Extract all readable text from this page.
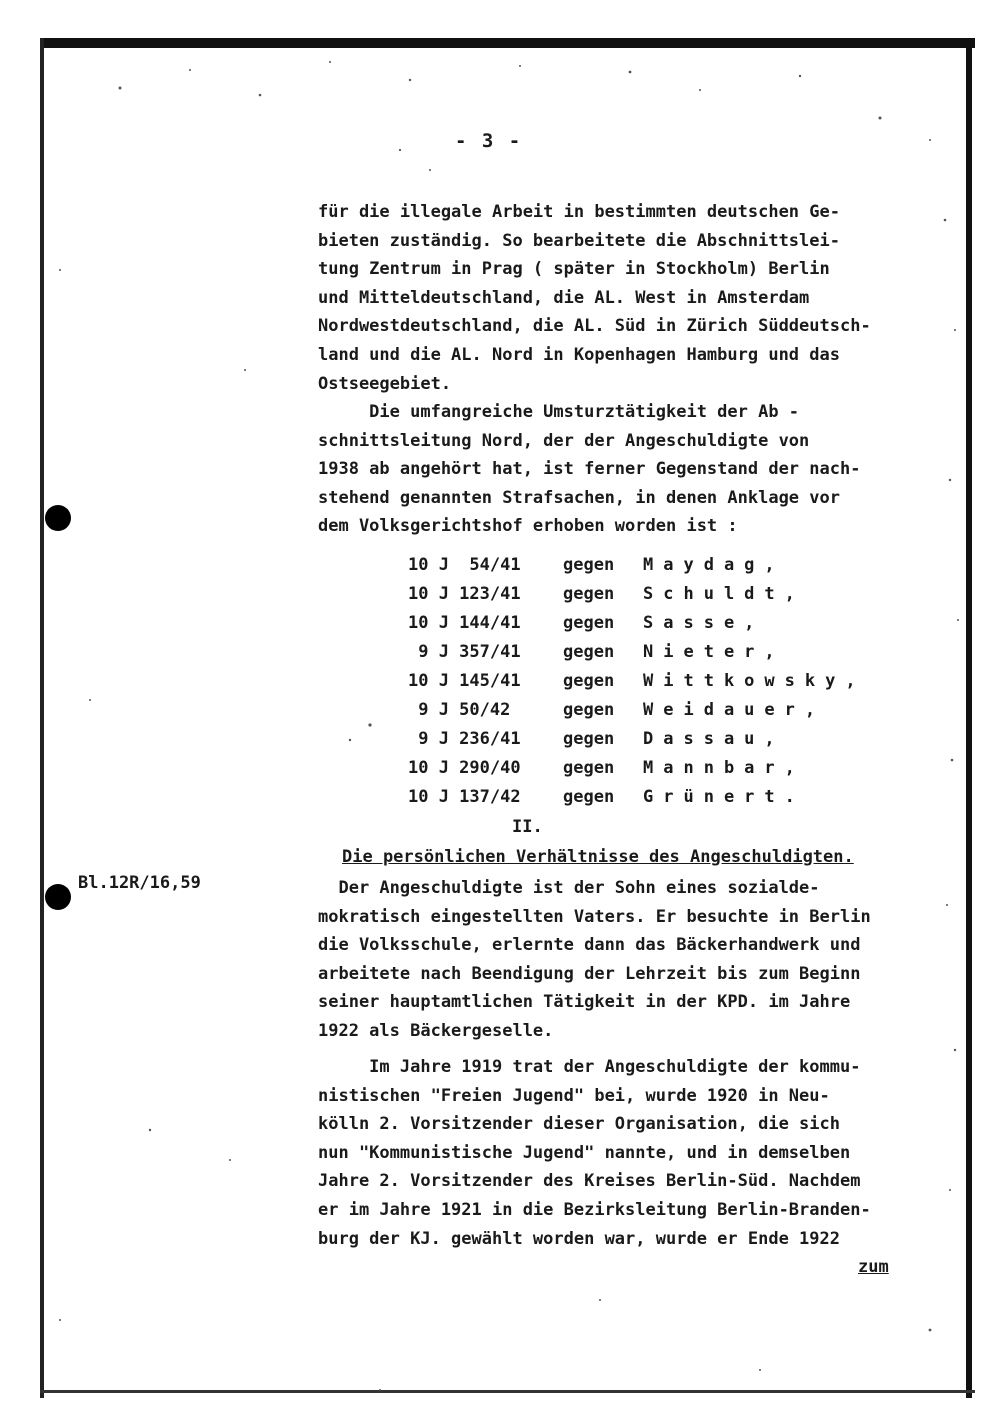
- 3 -
für die illegale Arbeit in bestimmten deutschen Ge-
bieten zuständig. So bearbeitete die Abschnittslei-
tung Zentrum in Prag ( später in Stockholm) Berlin
und Mitteldeutschland, die AL. West in Amsterdam
Nordwestdeutschland, die AL. Süd in Zürich Süddeutsch-
land und die AL. Nord in Kopenhagen Hamburg und das
Ostseegebiet.
Die umfangreiche Umsturztätigkeit der Ab -
schnittsleitung Nord, der der Angeschuldigte von
1938 ab angehört hat, ist ferner Gegenstand der nach-
stehend genannten Strafsachen, in denen Anklage vor
dem Volksgerichtshof erhoben worden ist :

10 J  54/41

gegen

Maydag,

10 J 123/41

gegen

Schuldt,

10 J 144/41

gegen

Sasse,

9 J 357/41

gegen

Nieter,

10 J 145/41

gegen

Wittkowsky,

9 J 50/42

	gegen

Weidauer,

9 J 236/41

gegen

Dassau,

10 J 290/40

gegen

Mannbar,

10 J 137/42

gegen

Grünert.

II.
Die persönlichen Verhältnisse des Angeschuldigten.
Bl.12R/16,59	Der Angeschuldigte ist der Sohn eines sozialde-
mokratisch eingestellten Vaters. Er besuchte in Berlin
die Volksschule, erlernte dann das Bäckerhandwerk und
arbeitete nach Beendigung der Lehrzeit bis zum Beginn
seiner hauptamtlichen Tätigkeit in der KPD. im Jahre
1922 als Bäckergeselle.
Im Jahre 1919 trat der Angeschuldigte der kommu-
nistischen "Freien Jugend" bei, wurde 1920 in Neu-
kölln 2. Vorsitzender dieser Organisation, die sich
nun "Kommunistische Jugend" nannte, und in demselben
Jahre 2. Vorsitzender des Kreises Berlin-Süd. Nachdem
er im Jahre 1921 in die Bezirksleitung Berlin-Branden-
burg der KJ. gewählt worden war, wurde er Ende 1922
zum
